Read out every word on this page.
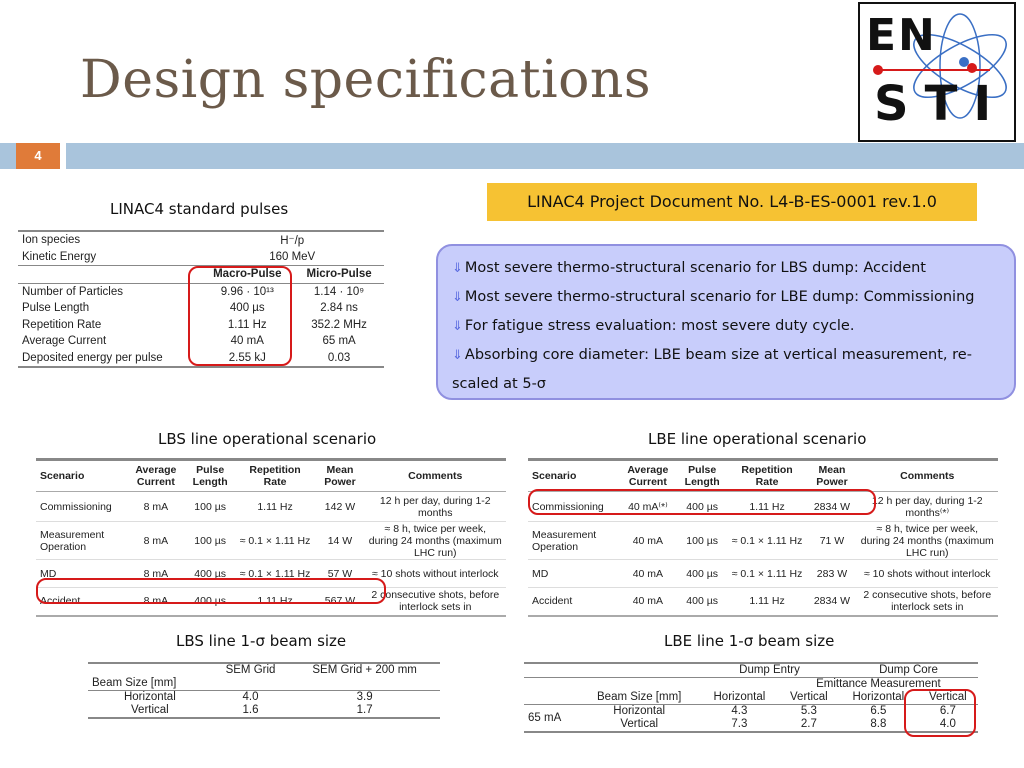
Design specifications
EN
STI
4
LINAC4 standard pulses
Ion species	H⁻/p	
Kinetic Energy	160 MeV	
	Macro-Pulse	Micro-Pulse
Number of Particles	9.96 · 10¹³	1.14 · 10⁹
Pulse Length	400 µs	2.84 ns
Repetition Rate	1.11 Hz	352.2 MHz
Average Current	40 mA	65 mA
Deposited energy per pulse	2.55 kJ	0.03
LINAC4 Project Document No. L4-B-ES-0001 rev.1.0
⇓ Most severe thermo-structural scenario for LBS dump: Accident
⇓ Most severe thermo-structural scenario for LBE dump: Commissioning
⇓ For fatigue stress evaluation: most severe duty cycle.
⇓ Absorbing core diameter: LBE beam size at vertical measurement, re-
scaled at 5-σ
LBS line operational scenario
Scenario	Average Current	Pulse Length	Repetition Rate	Mean Power	Comments
Commissioning	8 mA	100 µs	1.11 Hz	142 W	12 h per day, during 1-2 months
Measurement Operation	8 mA	100 µs	≈ 0.1 × 1.11 Hz	14 W	≈ 8 h, twice per week, during 24 months (maximum LHC run)
MD	8 mA	400 µs	≈ 0.1 × 1.11 Hz	57 W	≈ 10 shots without interlock
Accident	8 mA	400 µs	1.11 Hz	567 W	2 consecutive shots, before interlock sets in
LBE line operational scenario
Scenario	Average Current	Pulse Length	Repetition Rate	Mean Power	Comments
Commissioning	40 mA⁽*⁾	400 µs	1.11 Hz	2834 W	12 h per day, during 1-2 months⁽*⁾
Measurement Operation	40 mA	100 µs	≈ 0.1 × 1.11 Hz	71 W	≈ 8 h, twice per week, during 24 months (maximum LHC run)
MD	40 mA	400 µs	≈ 0.1 × 1.11 Hz	283 W	≈ 10 shots without interlock
Accident	40 mA	400 µs	1.11 Hz	2834 W	2 consecutive shots, before interlock sets in
LBS line 1-σ beam size
	SEM Grid	SEM Grid + 200 mm
Beam Size [mm]		
Horizontal	4.0	3.9
Vertical	1.6	1.7
LBE line 1-σ beam size
		Dump Entry		Dump Core	
			Emittance Measurement		
	Beam Size [mm]	Horizontal	Vertical	Horizontal	Vertical
65 mA	Horizontal	4.3	5.3	6.5	6.7
	Vertical	7.3	2.7	8.8	4.0
